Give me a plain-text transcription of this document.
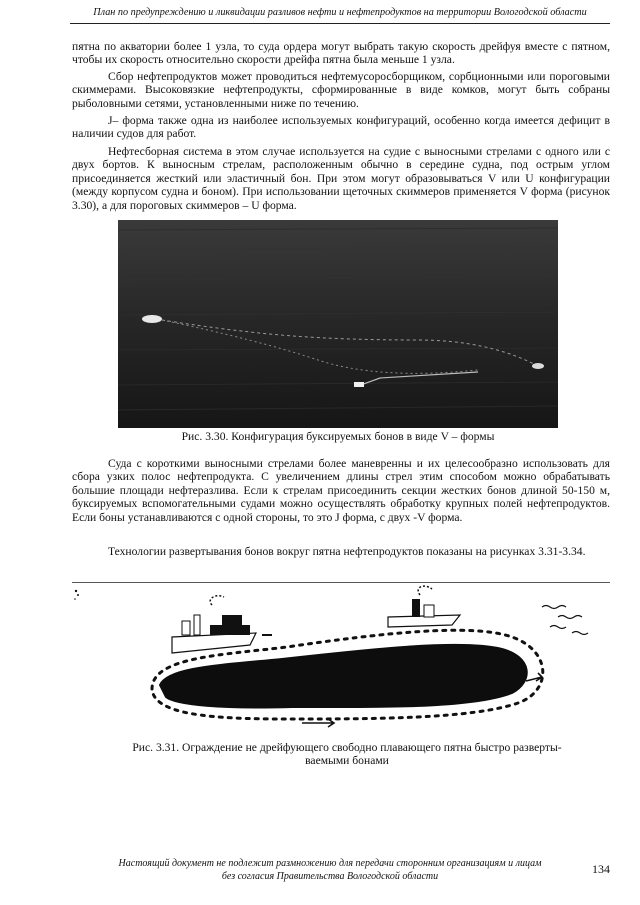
План по предупреждению и ликвидации разливов нефти и нефтепродуктов на территории Вологодской области

пятна по акватории более 1 узла, то суда ордера могут выбрать такую скорость дрейфуя вместе с пятном, чтобы их скорость относительно скорости дрейфа пятна была меньше 1 узла.

Сбор нефтепродуктов может проводиться нефтемусоросборщиком, сорбционными или пороговыми скиммерами. Высоковязкие нефтепродукты, сформированные в виде комков, могут быть собраны рыболовными сетями, установленными ниже по течению.

J– форма также одна из наиболее используемых конфигураций, особенно когда имеется дефицит в наличии судов для работ.

Нефтесборная система в этом случае используется на судие с выносными стрелами с одного или с двух бортов. К выносным стрелам, расположенным обычно в середине судна, под острым углом присоединяется жесткий или эластичный бон. При этом могут образовываться V или U конфигурации (между корпусом судна и боном). При использовании щеточных скиммеров применяется V форма (рисунок 3.30), а для пороговых скиммеров – U форма.

Рис. 3.30. Конфигурация буксируемых бонов в виде V – формы

Суда с короткими выносными стрелами более маневренны и их целесообразно использовать для сбора узких полос нефтепродукта. С увеличением длины стрел этим способом можно обрабатывать большие площади нефтеразлива. Если к стрелам присоединить секции жестких бонов длиной 50-150 м, буксируемых вспомогательными судами можно осуществлять обработку крупных полей нефтепродуктов. Если боны устанавливаются с одной стороны, то это J форма, с двух -V форма.

Технологии развертывания бонов вокруг пятна нефтепродуктов показаны на рисунках 3.31-3.34.

Рис. 3.31. Ограждение не дрейфующего свободно плавающего пятна быстро разверты-
ваемыми бонами
Настоящий документ не подлежит размножению для передачи сторонним организациям и лицам
без согласия Правительства Вологодской области	134
